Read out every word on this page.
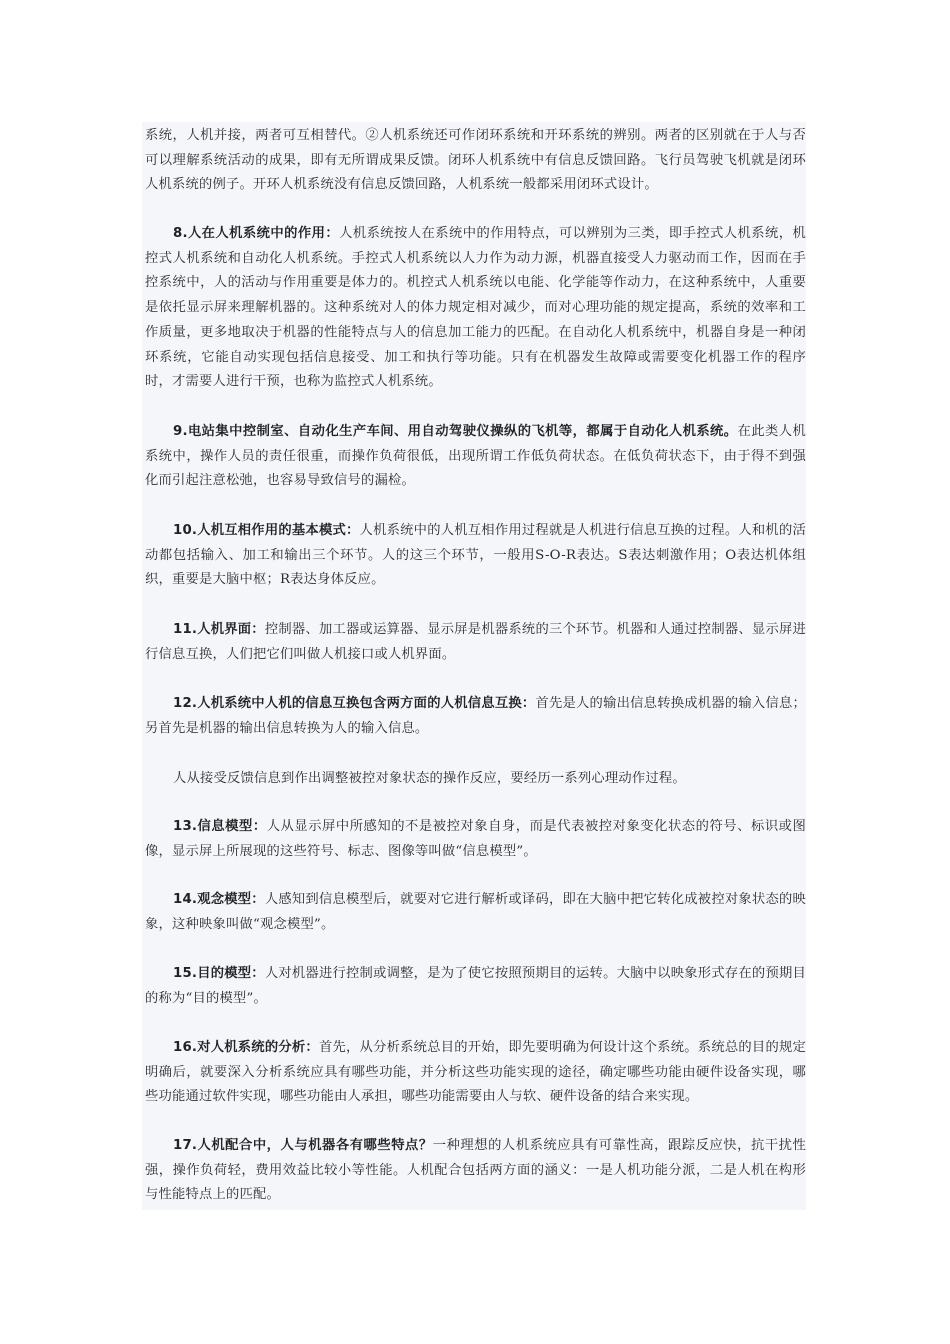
系统，人机并接，两者可互相替代。②人机系统还可作闭环系统和开环系统的辨别。两者的区别就在于人与否可以理解系统活动的成果，即有无所谓成果反馈。闭环人机系统中有信息反馈回路。飞行员驾驶飞机就是闭环人机系统的例子。开环人机系统没有信息反馈回路，人机系统一般都采用闭环式设计。

8.人在人机系统中的作用：人机系统按人在系统中的作用特点，可以辨别为三类，即手控式人机系统，机控式人机系统和自动化人机系统。手控式人机系统以人力作为动力源，机器直接受人力驱动而工作，因而在手控系统中，人的活动与作用重要是体力的。机控式人机系统以电能、化学能等作动力，在这种系统中，人重要是依托显示屏来理解机器的。这种系统对人的体力规定相对减少，而对心理功能的规定提高，系统的效率和工作质量，更多地取决于机器的性能特点与人的信息加工能力的匹配。在自动化人机系统中，机器自身是一种闭环系统，它能自动实现包括信息接受、加工和执行等功能。只有在机器发生故障或需要变化机器工作的程序时，才需要人进行干预，也称为监控式人机系统。

9.电站集中控制室、自动化生产车间、用自动驾驶仪操纵的飞机等，都属于自动化人机系统。在此类人机系统中，操作人员的责任很重，而操作负荷很低，出现所谓工作低负荷状态。在低负荷状态下，由于得不到强化而引起注意松弛，也容易导致信号的漏检。

10.人机互相作用的基本模式：人机系统中的人机互相作用过程就是人机进行信息互换的过程。人和机的活动都包括输入、加工和输出三个环节。人的这三个环节，一般用S-O-R表达。S表达刺激作用；O表达机体组织，重要是大脑中枢；R表达身体反应。

11.人机界面：控制器、加工器或运算器、显示屏是机器系统的三个环节。机器和人通过控制器、显示屏进行信息互换，人们把它们叫做人机接口或人机界面。

12.人机系统中人机的信息互换包含两方面的人机信息互换：首先是人的输出信息转换成机器的输入信息；另首先是机器的输出信息转换为人的输入信息。

人从接受反馈信息到作出调整被控对象状态的操作反应，要经历一系列心理动作过程。

13.信息模型：人从显示屏中所感知的不是被控对象自身，而是代表被控对象变化状态的符号、标识或图像，显示屏上所展现的这些符号、标志、图像等叫做“信息模型”。

14.观念模型：人感知到信息模型后，就要对它进行解析或译码，即在大脑中把它转化成被控对象状态的映象，这种映象叫做“观念模型”。

15.目的模型：人对机器进行控制或调整，是为了使它按照预期目的运转。大脑中以映象形式存在的预期目的称为“目的模型”。

16.对人机系统的分析：首先，从分析系统总目的开始，即先要明确为何设计这个系统。系统总的目的规定明确后，就要深入分析系统应具有哪些功能，并分析这些功能实现的途径，确定哪些功能由硬件设备实现，哪些功能通过软件实现，哪些功能由人承担，哪些功能需要由人与软、硬件设备的结合来实现。

17.人机配合中，人与机器各有哪些特点？一种理想的人机系统应具有可靠性高，跟踪反应快，抗干扰性强，操作负荷轻，费用效益比较小等性能。人机配合包括两方面的涵义：一是人机功能分派，二是人机在构形与性能特点上的匹配。
